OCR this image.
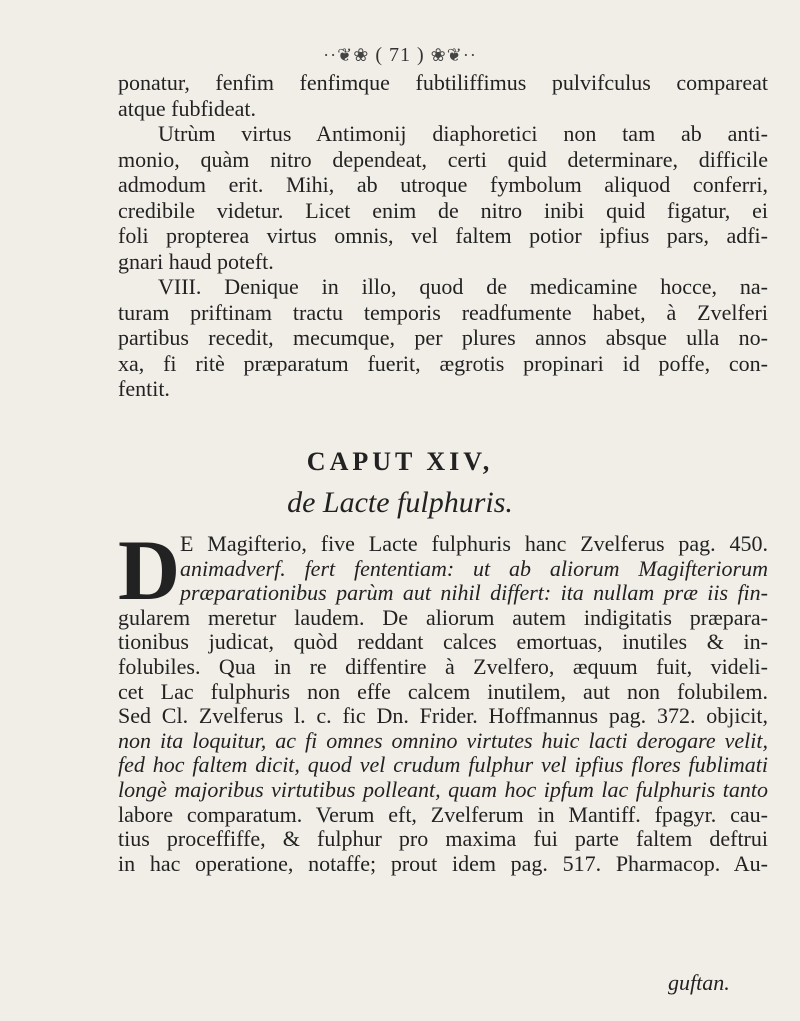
··❦❀ ( 71 ) ❀❦··
ponatur, fenfim fenfimque fubtiliffimus pulvifculus compareat
atque fubfideat.
Utrùm virtus Antimonij diaphoretici non tam ab anti-
monio, quàm nitro dependeat, certi quid determinare, difficile
admodum erit. Mihi, ab utroque fymbolum aliquod conferri,
credibile videtur. Licet enim de nitro inibi quid figatur, ei
foli propterea virtus omnis, vel faltem potior ipfius pars, adfi-
gnari haud poteft.
VIII. Denique in illo, quod de medicamine hocce, na-
turam priftinam tractu temporis readfumente habet, à Zvelferi
partibus recedit, mecumque, per plures annos absque ulla no-
xa, fi ritè præparatum fuerit, ægrotis propinari id poffe, con-
fentit.
CAPUT XIV,
de Lacte fulphuris.
D E Magifterio, five Lacte fulphuris hanc Zvelferus pag. 450.
animadverf. fert fententiam: ut ab aliorum Magifteriorum
præparationibus parùm aut nihil differt: ita nullam præ iis fin-
gularem meretur laudem. De aliorum autem indigitatis præpara-
tionibus judicat, quòd reddant calces emortuas, inutiles & in-
folubiles. Qua in re diffentire à Zvelfero, æquum fuit, videli-
cet Lac fulphuris non effe calcem inutilem, aut non folubilem.
Sed Cl. Zvelferus l. c. fic Dn. Frider. Hoffmannus pag. 372. objicit,
non ita loquitur, ac fi omnes omnino virtutes huic lacti derogare velit,
fed hoc faltem dicit, quod vel crudum fulphur vel ipfius flores fublimati
longè majoribus virtutibus polleant, quam hoc ipfum lac fulphuris tanto
labore comparatum. Verum eft, Zvelferum in Mantiff. fpagyr. cau-
tius proceffiffe, & fulphur pro maxima fui parte faltem deftrui
in hac operatione, notaffe; prout idem pag. 517. Pharmacop. Au-
guftan.
